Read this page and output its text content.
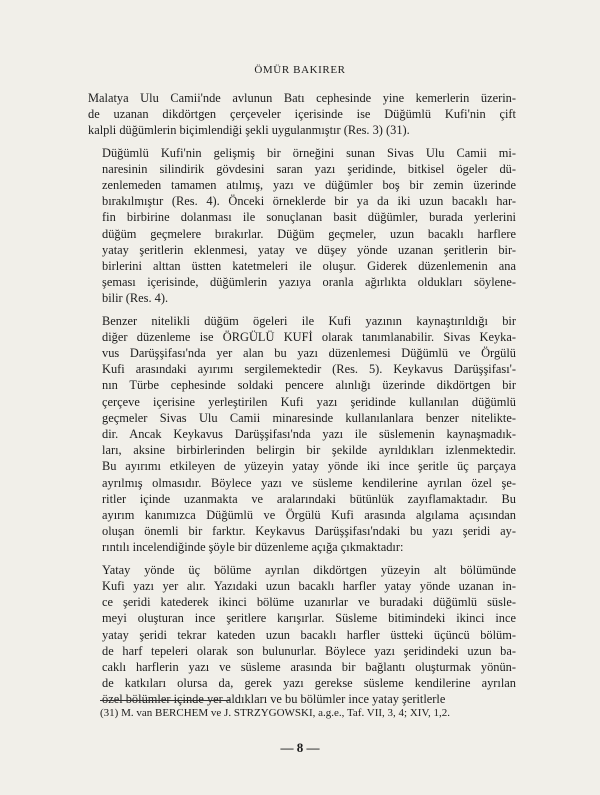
ÖMÜR BAKIRER
Malatya Ulu Camii'nde avlunun Batı cephesinde yine kemerlerin üzerin-
de uzanan dikdörtgen çerçeveler içerisinde ise Düğümlü Kufi'nin çift
kalpli düğümlerin biçimlendiği şekli uygulanmıştır (Res. 3) (31).
Düğümlü Kufi'nin gelişmiş bir örneğini sunan Sivas Ulu Camii mi-
naresinin silindirik gövdesini saran yazı şeridinde, bitkisel ögeler dü-
zenlemeden tamamen atılmış, yazı ve düğümler boş bir zemin üzerinde
bırakılmıştır (Res. 4). Önceki örneklerde bir ya da iki uzun bacaklı har-
fin birbirine dolanması ile sonuçlanan basit düğümler, burada yerlerini
düğüm geçmelere bırakırlar. Düğüm geçmeler, uzun bacaklı harflere
yatay şeritlerin eklenmesi, yatay ve düşey yönde uzanan şeritlerin bir-
birlerini alttan üstten katetmeleri ile oluşur. Giderek düzenlemenin ana
şeması içerisinde, düğümlerin yazıya oranla ağırlıkta oldukları söylene-
bilir (Res. 4).
Benzer nitelikli düğüm ögeleri ile Kufi yazının kaynaştırıldığı bir
diğer düzenleme ise ÖRGÜLÜ KUFİ olarak tanımlanabilir. Sivas Keyka-
vus Darüşşifası'nda yer alan bu yazı düzenlemesi Düğümlü ve Örgülü
Kufi arasındaki ayırımı sergilemektedir (Res. 5). Keykavus Darüşşifası'-
nın Türbe cephesinde soldaki pencere alınlığı üzerinde dikdörtgen bir
çerçeve içerisine yerleştirilen Kufi yazı şeridinde kullanılan düğümlü
geçmeler Sivas Ulu Camii minaresinde kullanılanlara benzer nitelikte-
dir. Ancak Keykavus Darüşşifası'nda yazı ile süslemenin kaynaşmadık-
ları, aksine birbirlerinden belirgin bir şekilde ayrıldıkları izlenmektedir.
Bu ayırımı etkileyen de yüzeyin yatay yönde iki ince şeritle üç parçaya
ayrılmış olmasıdır. Böylece yazı ve süsleme kendilerine ayrılan özel şe-
ritler içinde uzanmakta ve aralarındaki bütünlük zayıflamaktadır. Bu
ayırım kanımızca Düğümlü ve Örgülü Kufi arasında algılama açısından
oluşan önemli bir farktır. Keykavus Darüşşifası'ndaki bu yazı şeridi ay-
rıntılı incelendiğinde şöyle bir düzenleme açığa çıkmaktadır:
Yatay yönde üç bölüme ayrılan dikdörtgen yüzeyin alt bölümünde
Kufi yazı yer alır. Yazıdaki uzun bacaklı harfler yatay yönde uzanan in-
ce şeridi katederek ikinci bölüme uzanırlar ve buradaki düğümlü süsle-
meyi oluşturan ince şeritlere karışırlar. Süsleme bitimindeki ikinci ince
yatay şeridi tekrar kateden uzun bacaklı harfler üstteki üçüncü bölüm-
de harf tepeleri olarak son bulunurlar. Böylece yazı şeridindeki uzun ba-
caklı harflerin yazı ve süsleme arasında bir bağlantı oluşturmak yönün-
de katkıları olursa da, gerek yazı gerekse süsleme kendilerine ayrılan
özel bölümler içinde yer aldıkları ve bu bölümler ince yatay şeritlerle
(31) M. van BERCHEM ve J. STRZYGOWSKI, a.g.e., Taf. VII, 3, 4; XIV, 1,2.
— 8 —
